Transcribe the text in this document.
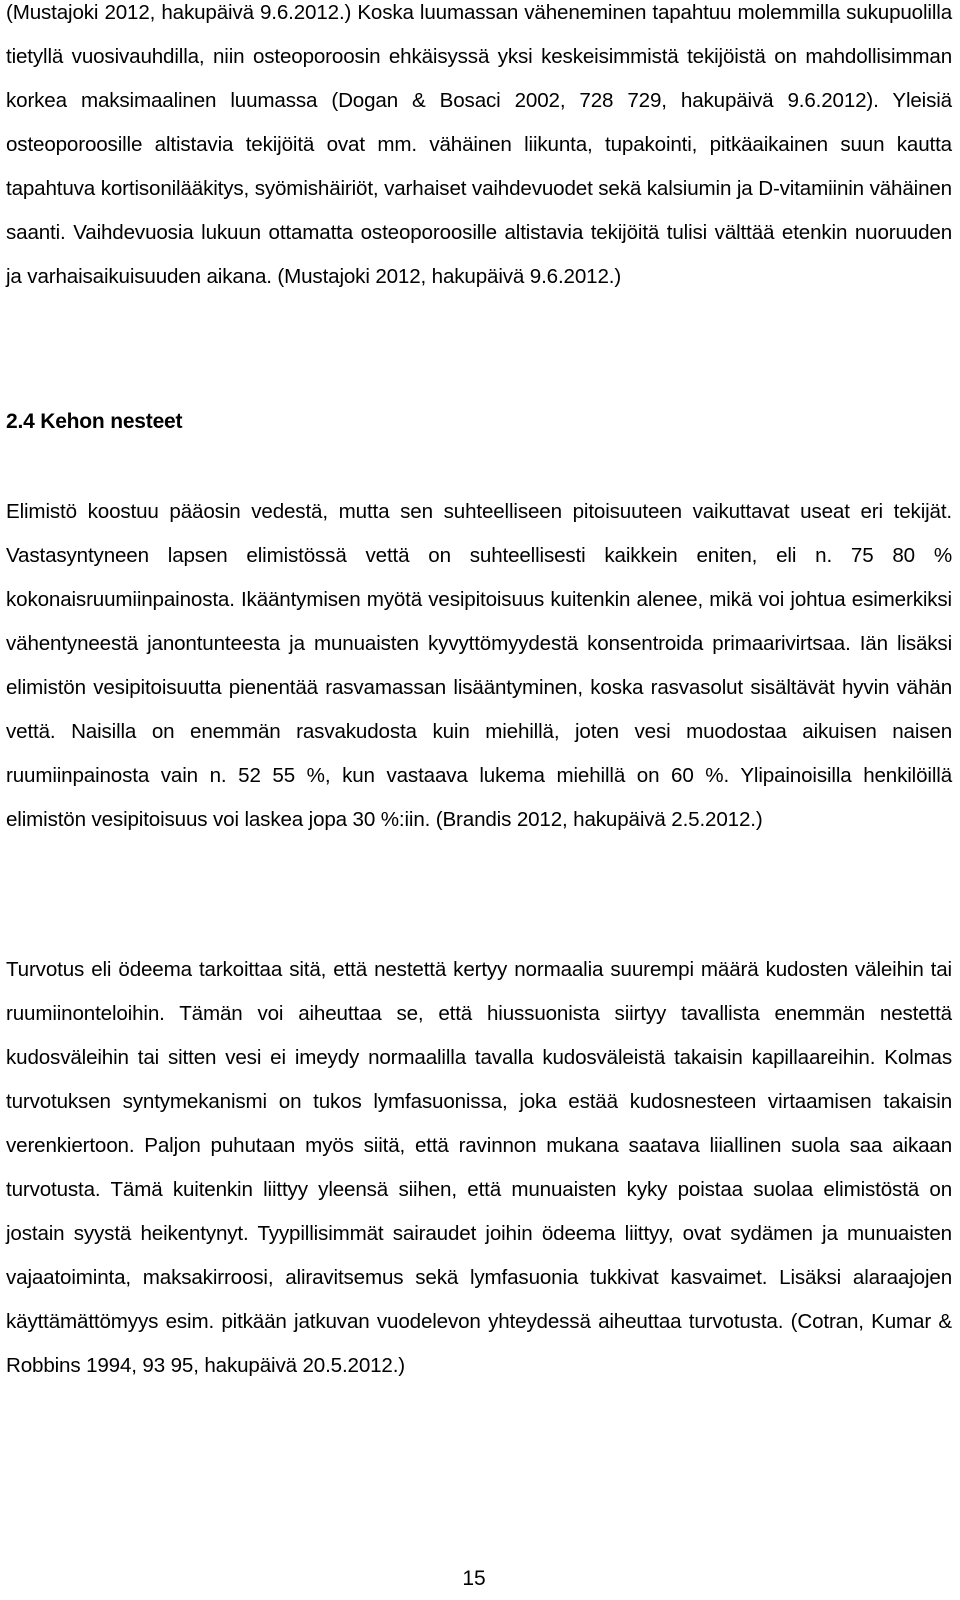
(Mustajoki 2012, hakupäivä 9.6.2012.) Koska luumassan väheneminen tapahtuu molemmilla sukupuolilla tietyllä vuosivauhdilla, niin osteoporoosin ehkäisyssä yksi keskeisimmistä tekijöistä on mahdollisimman korkea maksimaalinen luumassa (Dogan & Bosaci 2002, 728 729, hakupäivä 9.6.2012). Yleisiä osteoporoosille altistavia tekijöitä ovat mm. vähäinen liikunta, tupakointi, pitkäaikainen suun kautta tapahtuva kortisonilääkitys, syömishäiriöt, varhaiset vaihdevuodet sekä kalsiumin ja D-vitamiinin vähäinen saanti. Vaihdevuosia lukuun ottamatta osteoporoosille altistavia tekijöitä tulisi välttää etenkin nuoruuden ja varhaisaikuisuuden aikana. (Mustajoki 2012, hakupäivä 9.6.2012.)

2.4 Kehon nesteet

Elimistö koostuu pääosin vedestä, mutta sen suhteelliseen pitoisuuteen vaikuttavat useat eri tekijät. Vastasyntyneen lapsen elimistössä vettä on suhteellisesti kaikkein eniten, eli n. 75 80 % kokonaisruumiinpainosta. Ikääntymisen myötä vesipitoisuus kuitenkin alenee, mikä voi johtua esimerkiksi vähentyneestä janontunteesta ja munuaisten kyvyttömyydestä konsentroida primaarivirtsaa. Iän lisäksi elimistön vesipitoisuutta pienentää rasvamassan lisääntyminen, koska rasvasolut sisältävät hyvin vähän vettä. Naisilla on enemmän rasvakudosta kuin miehillä, joten vesi muodostaa aikuisen naisen ruumiinpainosta vain n. 52 55 %, kun vastaava lukema miehillä on 60 %. Ylipainoisilla henkilöillä elimistön vesipitoisuus voi laskea jopa 30 %:iin. (Brandis 2012, hakupäivä 2.5.2012.)

Turvotus eli ödeema tarkoittaa sitä, että nestettä kertyy normaalia suurempi määrä kudosten väleihin tai ruumiinonteloihin. Tämän voi aiheuttaa se, että hiussuonista siirtyy tavallista enemmän nestettä kudosväleihin tai sitten vesi ei imeydy normaalilla tavalla kudosväleistä takaisin kapillaareihin. Kolmas turvotuksen syntymekanismi on tukos lymfasuonissa, joka estää kudosnesteen virtaamisen takaisin verenkiertoon. Paljon puhutaan myös siitä, että ravinnon mukana saatava liiallinen suola saa aikaan turvotusta. Tämä kuitenkin liittyy yleensä siihen, että munuaisten kyky poistaa suolaa elimistöstä on jostain syystä heikentynyt. Tyypillisimmät sairaudet joihin ödeema liittyy, ovat sydämen ja munuaisten vajaatoiminta, maksakirroosi, aliravitsemus sekä lymfasuonia tukkivat kasvaimet. Lisäksi alaraajojen käyttämättömyys esim. pitkään jatkuvan vuodelevon yhteydessä aiheuttaa turvotusta. (Cotran, Kumar & Robbins 1994, 93 95, hakupäivä 20.5.2012.)

15
